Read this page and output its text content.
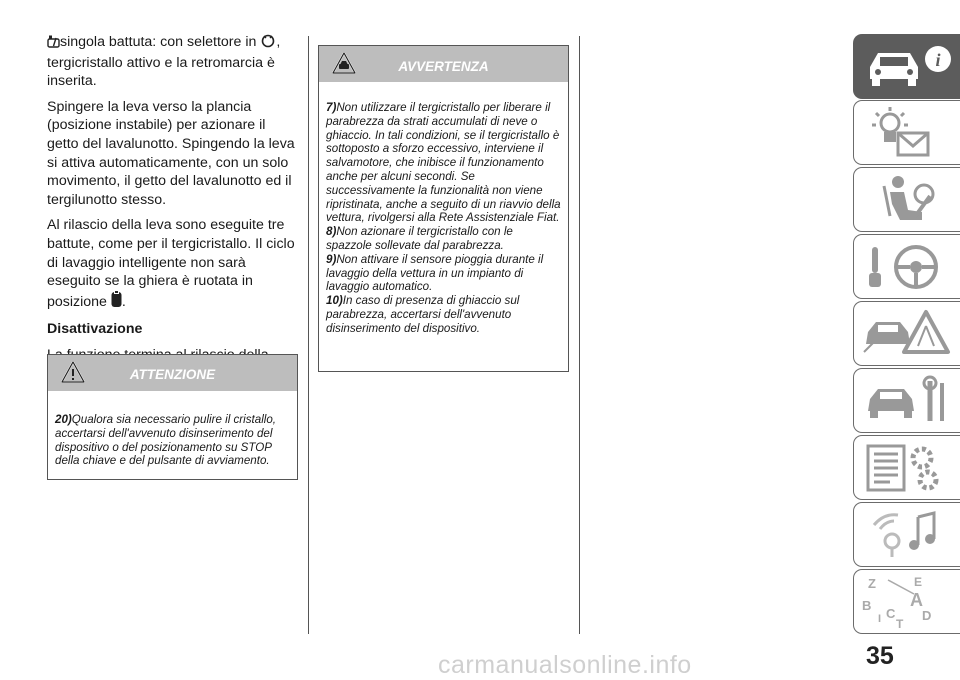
singola battuta: con selettore in , tergicristallo attivo e la retromarcia è inserita.

Spingere la leva verso la plancia (posizione instabile) per azionare il getto del lavalunotto. Spingendo la leva si attiva automaticamente, con un solo movimento, il getto del lavalunotto ed il tergilunotto stesso.

Al rilascio della leva sono eseguite tre battute, come per il tergicristallo. Il ciclo di lavaggio intelligente non sarà eseguito se la ghiera è ruotata in posizione .

Disattivazione

ATTENZIONE

20)Qualora sia necessario pulire il cristallo, accertarsi dell'avvenuto disinserimento del dispositivo o del posizionamento su STOP della chiave e del pulsante di avviamento.

AVVERTENZA

7)Non utilizzare il tergicristallo per liberare il parabrezza da strati accumulati di neve o ghiaccio. In tali condizioni, se il tergicristallo è sottoposto a sforzo eccessivo, interviene il salvamotore, che inibisce il funzionamento anche per alcuni secondi. Se successivamente la funzionalità non viene ripristinata, anche a seguito di un riavvio della vettura, rivolgersi alla Rete Assistenziale Fiat.

8)Non azionare il tergicristallo con le spazzole sollevate dal parabrezza.

9)Non attivare il sensore pioggia durante il lavaggio della vettura in un impianto di lavaggio automatico.

10)In caso di presenza di ghiaccio sul parabrezza, accertarsi dell'avvenuto disinserimento del dispositivo.

i
Z	E
B A
I C D
T
35
carmanualsonline.info
